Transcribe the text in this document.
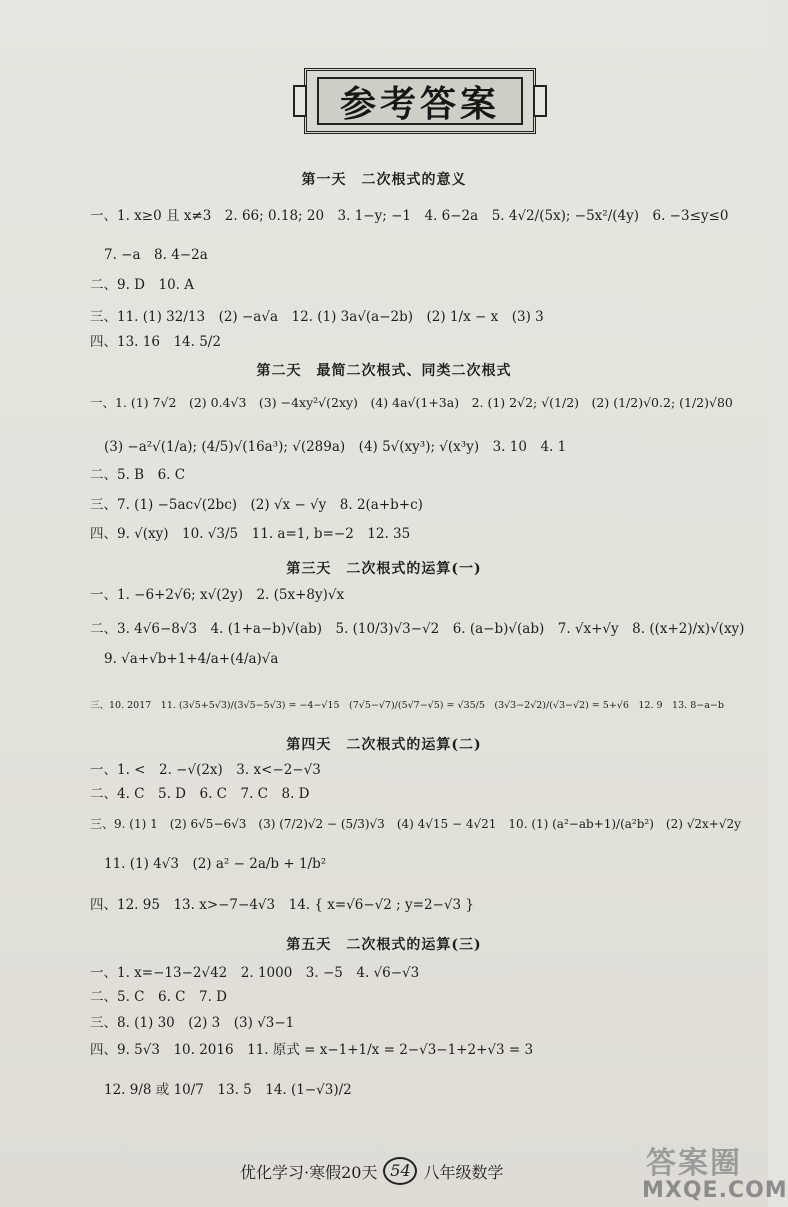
参考答案
第一天　二次根式的意义
一、1. x≥0 且 x≠3　2. 66; 0.18; 20　3. 1−y; −1　4. 6−2a　5. 4√2/(5x); −5x²/(4y)　6. −3≤y≤0
7. −a　8. 4−2a
二、9. D　10. A
三、11. (1) 32/13　(2) −a√a　12. (1) 3a√(a−2b)　(2) 1/x − x　(3) 3
四、13. 16　14. 5/2
第二天　最简二次根式、同类二次根式
一、1. (1) 7√2　(2) 0.4√3　(3) −4xy²√(2xy)　(4) 4a√(1+3a)　2. (1) 2√2; √(1/2)　(2) (1/2)√0.2; (1/2)√80
(3) −a²√(1/a); (4/5)√(16a³); √(289a)　(4) 5√(xy³); √(x³y)　3. 10　4. 1
二、5. B　6. C
三、7. (1) −5ac√(2bc)　(2) √x − √y　8. 2(a+b+c)
四、9. √(xy)　10. √3/5　11. a=1, b=−2　12. 35
第三天　二次根式的运算(一)
一、1. −6+2√6; x√(2y)　2. (5x+8y)√x
二、3. 4√6−8√3　4. (1+a−b)√(ab)　5. (10/3)√3−√2　6. (a−b)√(ab)　7. √x+√y　8. ((x+2)/x)√(xy)
9. √a+√b+1+4/a+(4/a)√a
三、10. 2017　11. (3√5+5√3)/(3√5−5√3) = −4−√15　(7√5−√7)/(5√7−√5) = √35/5　(3√3−2√2)/(√3−√2) = 5+√6　12. 9　13. 8−a−b
第四天　二次根式的运算(二)
一、1. <　2. −√(2x)　3. x<−2−√3
二、4. C　5. D　6. C　7. C　8. D
三、9. (1) 1　(2) 6√5−6√3　(3) (7/2)√2 − (5/3)√3　(4) 4√15 − 4√21　10. (1) (a²−ab+1)/(a²b²)　(2) √2x+√2y
11. (1) 4√3　(2) a² − 2a/b + 1/b²
四、12. 95　13. x>−7−4√3　14. { x=√6−√2 ; y=2−√3 }
第五天　二次根式的运算(三)
一、1. x=−13−2√42　2. 1000　3. −5　4. √6−√3
二、5. C　6. C　7. D
三、8. (1) 30　(2) 3　(3) √3−1
四、9. 5√3　10. 2016　11. 原式 = x−1+1/x = 2−√3−1+2+√3 = 3
12. 9/8 或 10/7　13. 5　14. (1−√3)/2
优化学习·寒假20天 54 八年级数学	答案圈
MXQE.COM
